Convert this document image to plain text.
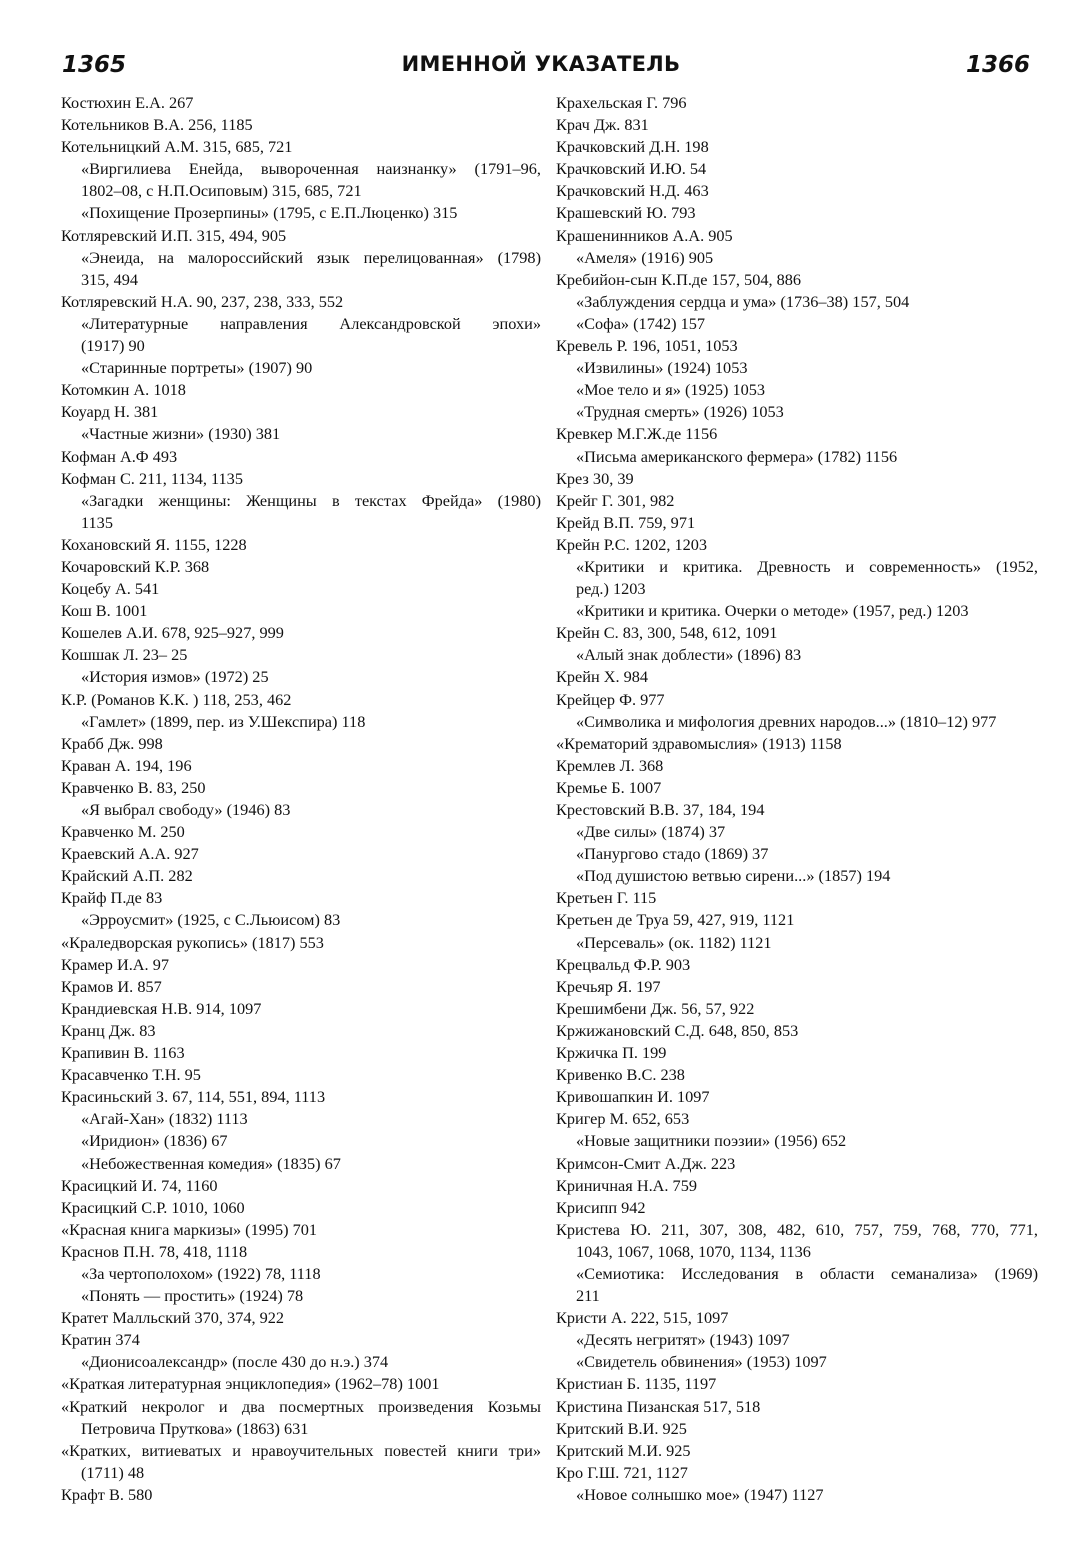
1365	ИМЕННОЙ УКАЗАТЕЛЬ	1366
Костюхин Е.А. 267
Котельников В.А. 256, 1185
Котельницкий А.М. 315, 685, 721
«Виргилиева Енейда, вывороченная наизнанку» (1791–96,
1802–08, с Н.П.Осиповым) 315, 685, 721
«Похищение Прозерпины» (1795, с Е.П.Люценко) 315
Котляревский И.П. 315, 494, 905
«Энеида, на малороссийский язык перелицованная» (1798)
315, 494
Котляревский Н.А. 90, 237, 238, 333, 552
«Литературные направления Александровской эпохи»
(1917) 90
«Старинные портреты» (1907) 90
Котомкин А. 1018
Коуард Н. 381
«Частные жизни» (1930) 381
Кофман А.Ф 493
Кофман С. 211, 1134, 1135
«Загадки женщины: Женщины в текстах Фрейда» (1980)
1135
Кохановский Я. 1155, 1228
Кочаровский К.Р. 368
Коцебу А. 541
Кош В. 1001
Кошелев А.И. 678, 925–927, 999
Кошшак Л. 23– 25
«История измов» (1972) 25
К.Р. (Романов К.К. ) 118, 253, 462
«Гамлет» (1899, пер. из У.Шекспира) 118
Крабб Дж. 998
Краван А. 194, 196
Кравченко В. 83, 250
«Я выбрал свободу» (1946) 83
Кравченко М. 250
Краевский А.А. 927
Крайский А.П. 282
Крайф П.де 83
«Эрроусмит» (1925, с С.Льюисом) 83
«Краледворская рукопись» (1817) 553
Крамер И.А. 97
Крамов И. 857
Крандиевская Н.В. 914, 1097
Кранц Дж. 83
Крапивин В. 1163
Красавченко Т.Н. 95
Красиньский З. 67, 114, 551, 894, 1113
«Агай-Хан» (1832) 1113
«Иридион» (1836) 67
«Небожественная комедия» (1835) 67
Красицкий И. 74, 1160
Красицкий С.Р. 1010, 1060
«Красная книга маркизы» (1995) 701
Краснов П.Н. 78, 418, 1118
«За чертополохом» (1922) 78, 1118
«Понять — простить» (1924) 78
Кратет Малльский 370, 374, 922
Кратин 374
«Дионисоалександр» (после 430 до н.э.) 374
«Краткая литературная энциклопедия» (1962–78) 1001
«Краткий некролог и два посмертных произведения Козьмы
Петровича Пруткова» (1863) 631
«Кратких, витиеватых и нравоучительных повестей книги три»
(1711) 48
Крафт В. 580
Крахельская Г. 796
Крач Дж. 831
Крачковский Д.Н. 198
Крачковский И.Ю. 54
Крачковский Н.Д. 463
Крашевский Ю. 793
Крашенинников А.А. 905
«Амеля» (1916) 905
Кребийон-сын К.П.де 157, 504, 886
«Заблуждения сердца и ума» (1736–38) 157, 504
«Софа» (1742) 157
Кревель Р. 196, 1051, 1053
«Извилины» (1924) 1053
«Мое тело и я» (1925) 1053
«Трудная смерть» (1926) 1053
Кревкер М.Г.Ж.де 1156
«Письма американского фермера» (1782) 1156
Крез 30, 39
Крейг Г. 301, 982
Крейд В.П. 759, 971
Крейн Р.С. 1202, 1203
«Критики и критика. Древность и современность» (1952,
ред.) 1203
«Критики и критика. Очерки о методе» (1957, ред.) 1203
Крейн С. 83, 300, 548, 612, 1091
«Алый знак доблести» (1896) 83
Крейн Х. 984
Крейцер Ф. 977
«Символика и мифология древних народов...» (1810–12) 977
«Крематорий здравомыслия» (1913) 1158
Кремлев Л. 368
Кремье Б. 1007
Крестовский В.В. 37, 184, 194
«Две силы» (1874) 37
«Панургово стадо (1869) 37
«Под душистою ветвью сирени...» (1857) 194
Кретьен Г. 115
Кретьен де Труа 59, 427, 919, 1121
«Персеваль» (ок. 1182) 1121
Крецвальд Ф.Р. 903
Кречьяр Я. 197
Крешимбени Дж. 56, 57, 922
Кржижановский С.Д. 648, 850, 853
Кржичка П. 199
Кривенко В.С. 238
Кривошапкин И. 1097
Кригер М. 652, 653
«Новые защитники поэзии» (1956) 652
Кримсон-Смит А.Дж. 223
Криничная Н.А. 759
Крисипп 942
Кристева Ю. 211, 307, 308, 482, 610, 757, 759, 768, 770, 771,
1043, 1067, 1068, 1070, 1134, 1136
«Семиотика: Исследования в области семанализа» (1969)
211
Кристи А. 222, 515, 1097
«Десять негритят» (1943) 1097
«Свидетель обвинения» (1953) 1097
Кристиан Б. 1135, 1197
Кристина Пизанская 517, 518
Критский В.И. 925
Критский М.И. 925
Кро Г.Ш. 721, 1127
«Новое солнышко мое» (1947) 1127
